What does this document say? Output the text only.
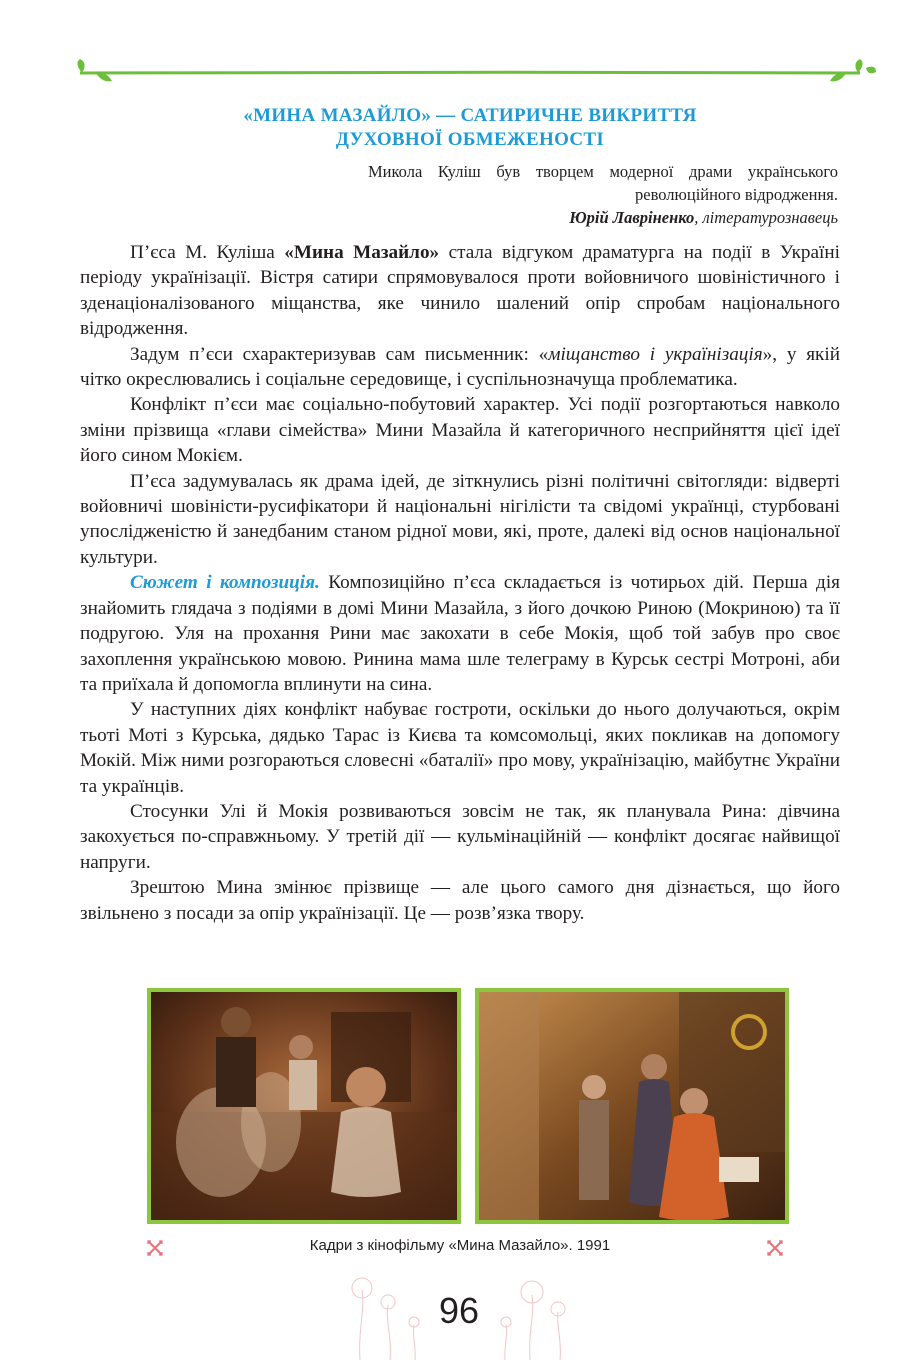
«МИНА МАЗАЙЛО» — САТИРИЧНЕ ВИКРИТТЯ
ДУХОВНОЇ ОБМЕЖЕНОСТІ
Микола Куліш був творцем модерної драми українського революційного відродження.
Юрій Лавріненко, літературознавець

П’єса М. Куліша «Мина Мазайло» стала відгуком драматурга на події в Україні періоду українізації. Вістря сатири спрямовувалося проти войовничого шовіністичного і зденаціоналізованого міщанства, яке чинило шалений опір спробам національного відродження.

Задум п’єси схарактеризував сам письменник: «міщанство і українізація», у якій чітко окреслювались і соціальне середовище, і суспільнозначуща проблематика.

Конфлікт п’єси має соціально-побутовий характер. Усі події розгортаються навколо зміни прізвища «глави сімейства» Мини Мазайла й категоричного несприйняття цієї ідеї його сином Мокієм.

П’єса задумувалась як драма ідей, де зіткнулись різні політичні світогляди: відверті войовничі шовіністи-русифікатори й національні нігілісти та свідомі українці, стурбовані упослідженістю й занедбаним станом рідної мови, які, проте, далекі від основ національної культури.

Сюжет і композиція. Композиційно п’єса складається із чотирьох дій. Перша дія знайомить глядача з подіями в домі Мини Мазайла, з його дочкою Риною (Мокриною) та її подругою. Уля на прохання Рини має закохати в себе Мокія, щоб той забув про своє захоплення українською мовою. Ринина мама шле телеграму в Курськ сестрі Мотроні, аби та приїхала й допомогла вплинути на сина.

У наступних діях конфлікт набуває гостроти, оскільки до нього долучаються, окрім тьоті Моті з Курська, дядько Тарас із Києва та комсомольці, яких покликав на допомогу Мокій. Між ними розгораються словесні «баталії» про мову, українізацію, майбутнє України та українців.

Стосунки Улі й Мокія розвиваються зовсім не так, як планувала Рина: дівчина закохується по-справжньому. У третій дії — кульмінаційній — конфлікт досягає найвищої напруги.

Зрештою Мина змінює прізвище — але цього самого дня дізнається, що його звільнено з посади за опір українізації. Це — розв’язка твору.

Кадри з кінофільму «Мина Мазайло». 1991
96
